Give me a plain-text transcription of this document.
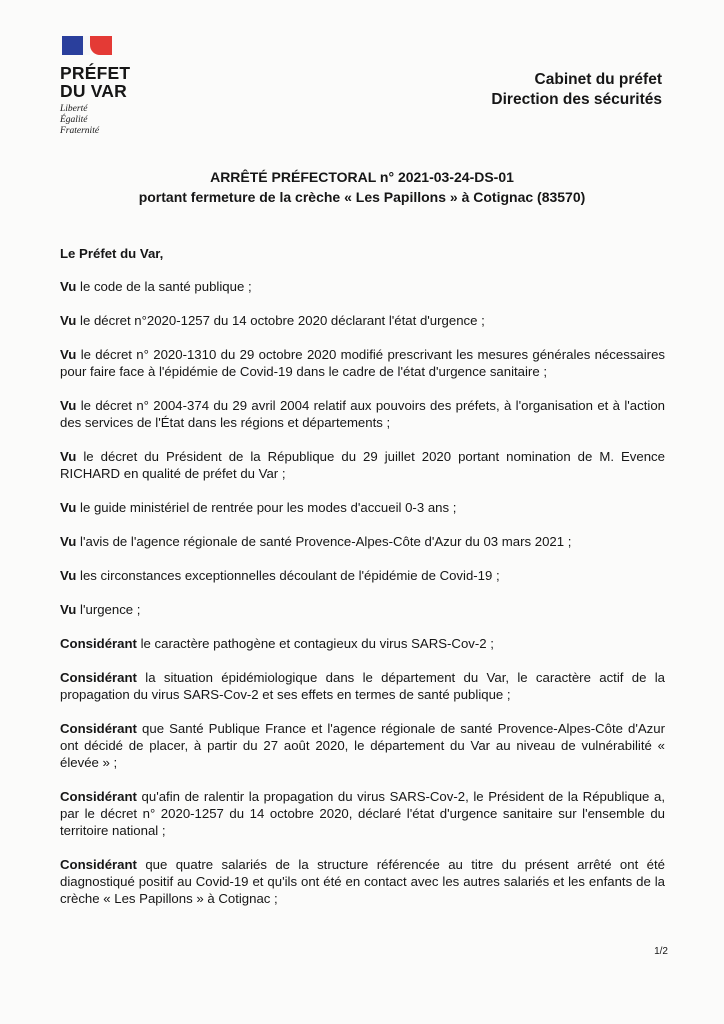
PRÉFET
DU VAR
Liberté
Égalité
Fraternité
Cabinet du préfet
Direction des sécurités
ARRÊTÉ PRÉFECTORAL n° 2021-03-24-DS-01
portant fermeture de la crèche « Les Papillons » à Cotignac (83570)

Le Préfet du Var,

Vu le code de la santé publique ;

Vu le décret n°2020-1257 du 14 octobre 2020 déclarant l'état d'urgence ;

Vu le décret n° 2020-1310 du 29 octobre 2020 modifié prescrivant les mesures générales nécessaires pour faire face à l'épidémie de Covid-19 dans le cadre de l'état d'urgence sanitaire ;

Vu le décret n° 2004-374 du 29 avril 2004 relatif aux pouvoirs des préfets, à l'organisation et à l'action des services de l'État dans les régions et départements ;

Vu le décret du Président de la République du 29 juillet 2020 portant nomination de M. Evence RICHARD en qualité de préfet du Var ;

Vu le guide ministériel de rentrée pour les modes d'accueil 0-3 ans ;

Vu l'avis de l'agence régionale de santé Provence-Alpes-Côte d'Azur du 03 mars 2021 ;

Vu les circonstances exceptionnelles découlant de l'épidémie de Covid-19 ;

Vu l'urgence ;

Considérant le caractère pathogène et contagieux du virus SARS-Cov-2 ;

Considérant la situation épidémiologique dans le département du Var, le caractère actif de la propagation du virus SARS-Cov-2 et ses effets en termes de santé publique ;

Considérant que Santé Publique France et l'agence régionale de santé Provence-Alpes-Côte d'Azur ont décidé de placer, à partir du 27 août 2020, le département du Var au niveau de vulnérabilité « élevée » ;

Considérant qu'afin de ralentir la propagation du virus SARS-Cov-2, le Président de la République a, par le décret n° 2020-1257 du 14 octobre 2020, déclaré l'état d'urgence sanitaire sur l'ensemble du territoire national ;

Considérant que quatre salariés de la structure référencée au titre du présent arrêté ont été diagnostiqué positif au Covid-19 et qu'ils ont été en contact avec les autres salariés et les enfants de la crèche « Les Papillons » à Cotignac ;

1/2
